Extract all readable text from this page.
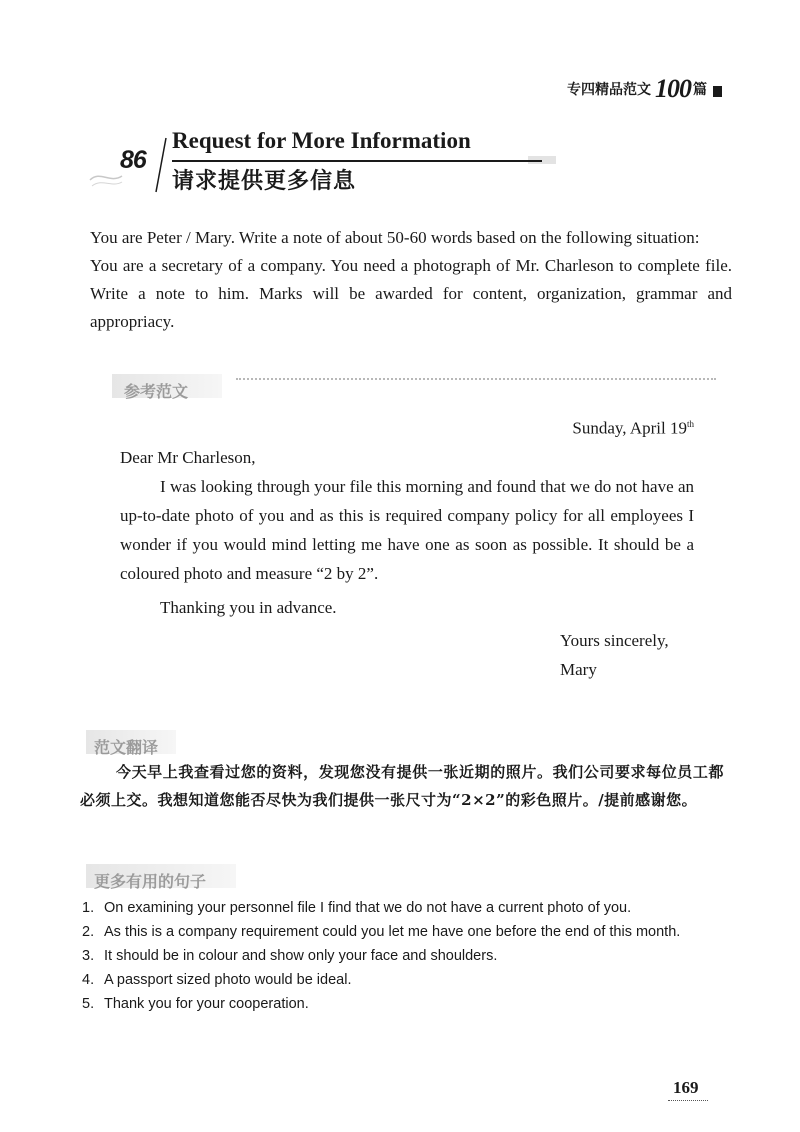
专四精品范文 100 篇
86
Request for More Information
请求提供更多信息

You are Peter / Mary. Write a note of about 50-60 words based on the following situation:

You are a secretary of a company. You need a photograph of Mr. Charleson to complete file. Write a note to him. Marks will be awarded for content, organization, grammar and appropriacy.

参考范文
Sunday, April 19th

Dear Mr Charleson,

I was looking through your file this morning and found that we do not have an up-to-date photo of you and as this is required company policy for all employees I wonder if you would mind letting me have one as soon as possible. It should be a coloured photo and measure “2 by 2”.

Thanking you in advance.

Yours sincerely,

Mary

范文翻译
今天早上我查看过您的资料，发现您没有提供一张近期的照片。我们公司要求每位员工都必须上交。我想知道您能否尽快为我们提供一张尺寸为“2×2”的彩色照片。/提前感谢您。
更多有用的句子
1. On examining your personnel file I find that we do not have a current photo of you.
2. As this is a company requirement could you let me have one before the end of this month.
3. It should be in colour and show only your face and shoulders.
4. A passport sized photo would be ideal.
5. Thank you for your cooperation.
169
